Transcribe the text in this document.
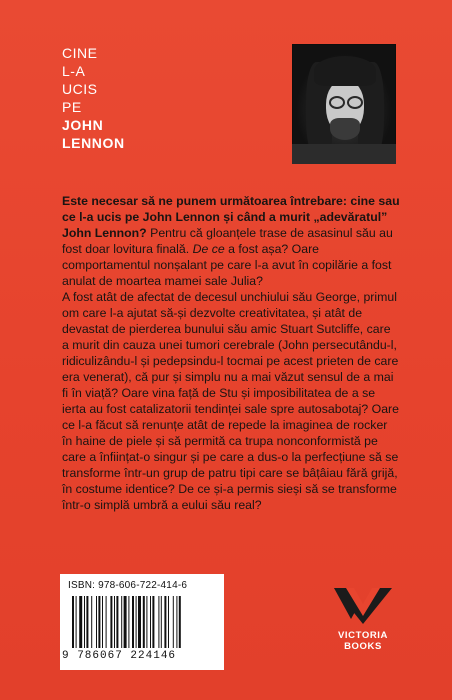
CINE
L-A
UCIS
PE
JOHN
LENNON

Este necesar să ne punem următoarea întrebare: cine sau ce l-a ucis pe John Lennon și când a murit „adevăratul” John Lennon? Pentru că gloanțele trase de asasinul său au fost doar lovitura finală. De ce a fost așa? Oare comportamentul nonșalant pe care l-a avut în copilărie a fost anulat de moartea mamei sale Julia?

A fost atât de afectat de decesul unchiului său George, primul om care l-a ajutat să-și dezvolte creativitatea, și atât de devastat de pierderea bunului său amic Stuart Sutcliffe, care a murit din cauza unei tumori cerebrale (John persecutându-l, ridiculizându-l și pedepsindu-l tocmai pe acest prieten de care era venerat), că pur și simplu nu a mai văzut sensul de a mai fi în viață? Oare vina față de Stu și imposibilitatea de a se ierta au fost catalizatorii tendinței sale spre autosabotaj? Oare ce l-a făcut să renunțe atât de repede la imaginea de rocker în haine de piele și să permită ca trupa nonconformistă pe care a înființat-o singur și pe care a dus-o la perfecțiune să se transforme într-un grup de patru tipi care se bâțâiau fără grijă, în costume identice? De ce și-a permis sieși să se transforme într-o simplă umbră a eului său real?

ISBN: 978-606-722-414-6
9 786067 224146
VICTORIA
BOOKS
